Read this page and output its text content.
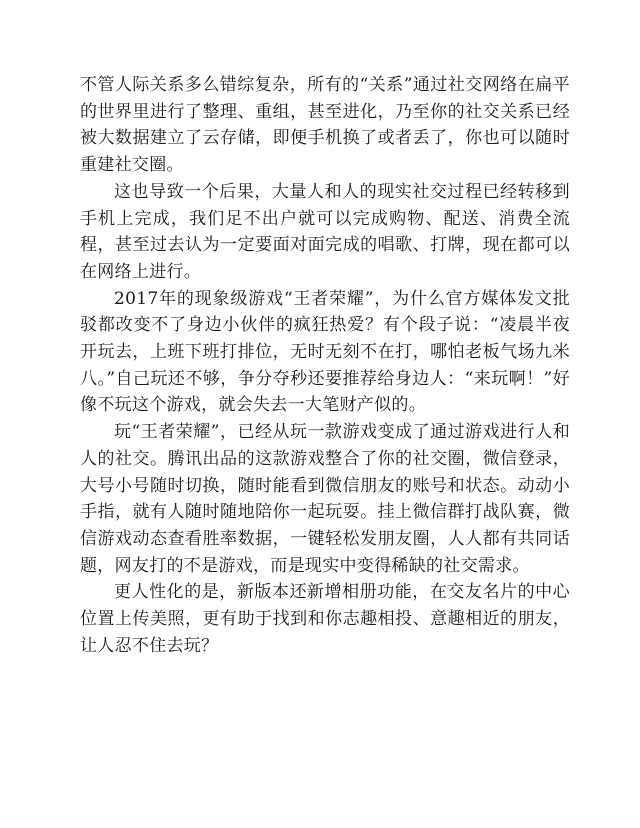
不管人际关系多么错综复杂，所有的“关系”通过社交网络在扁平的世界里进行了整理、重组，甚至进化，乃至你的社交关系已经被大数据建立了云存储，即便手机换了或者丢了，你也可以随时重建社交圈。

这也导致一个后果，大量人和人的现实社交过程已经转移到手机上完成，我们足不出户就可以完成购物、配送、消费全流程，甚至过去认为一定要面对面完成的唱歌、打牌，现在都可以在网络上进行。

2017年的现象级游戏“王者荣耀”，为什么官方媒体发文批驳都改变不了身边小伙伴的疯狂热爱？有个段子说：“凌晨半夜开玩去，上班下班打排位，无时无刻不在打，哪怕老板气场九米八。”自己玩还不够，争分夺秒还要推荐给身边人：“来玩啊！”好像不玩这个游戏，就会失去一大笔财产似的。

玩“王者荣耀”，已经从玩一款游戏变成了通过游戏进行人和人的社交。腾讯出品的这款游戏整合了你的社交圈，微信登录，大号小号随时切换，随时能看到微信朋友的账号和状态。动动小手指，就有人随时随地陪你一起玩耍。挂上微信群打战队赛，微信游戏动态查看胜率数据，一键轻松发朋友圈，人人都有共同话题，网友打的不是游戏，而是现实中变得稀缺的社交需求。

更人性化的是，新版本还新增相册功能，在交友名片的中心位置上传美照，更有助于找到和你志趣相投、意趣相近的朋友，让人忍不住去玩？
